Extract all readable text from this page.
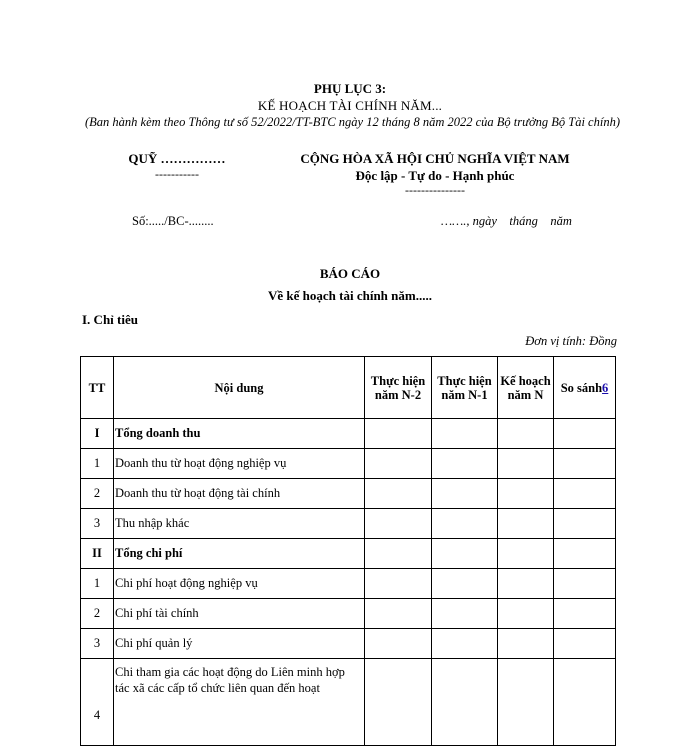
PHỤ LỤC 3:
KẾ HOẠCH TÀI CHÍNH NĂM...
(Ban hành kèm theo Thông tư số 52/2022/TT-BTC ngày 12 tháng 8 năm 2022 của Bộ trưởng Bộ Tài chính)
QUỸ ……………
-----------
CỘNG HÒA XÃ HỘI CHỦ NGHĨA VIỆT NAM
Độc lập - Tự do - Hạnh phúc
---------------
Số:...../BC-........	……., ngày    tháng    năm
BÁO CÁO
Về kế hoạch tài chính năm.....
I. Chỉ tiêu
Đơn vị tính: Đồng
TT	Nội dung	Thực hiện năm N-2	Thực hiện năm N-1	Kế hoạch năm N	So sánh6
I	Tổng doanh thu				
1	Doanh thu từ hoạt động nghiệp vụ				
2	Doanh thu từ hoạt động tài chính				
3	Thu nhập khác				
II	Tổng chi phí				
1	Chi phí hoạt động nghiệp vụ				
2	Chi phí tài chính				
3	Chi phí quản lý				
4	Chi tham gia các hoạt động do Liên minh hợp tác xã các cấp tổ chức liên quan đến hoạt				
